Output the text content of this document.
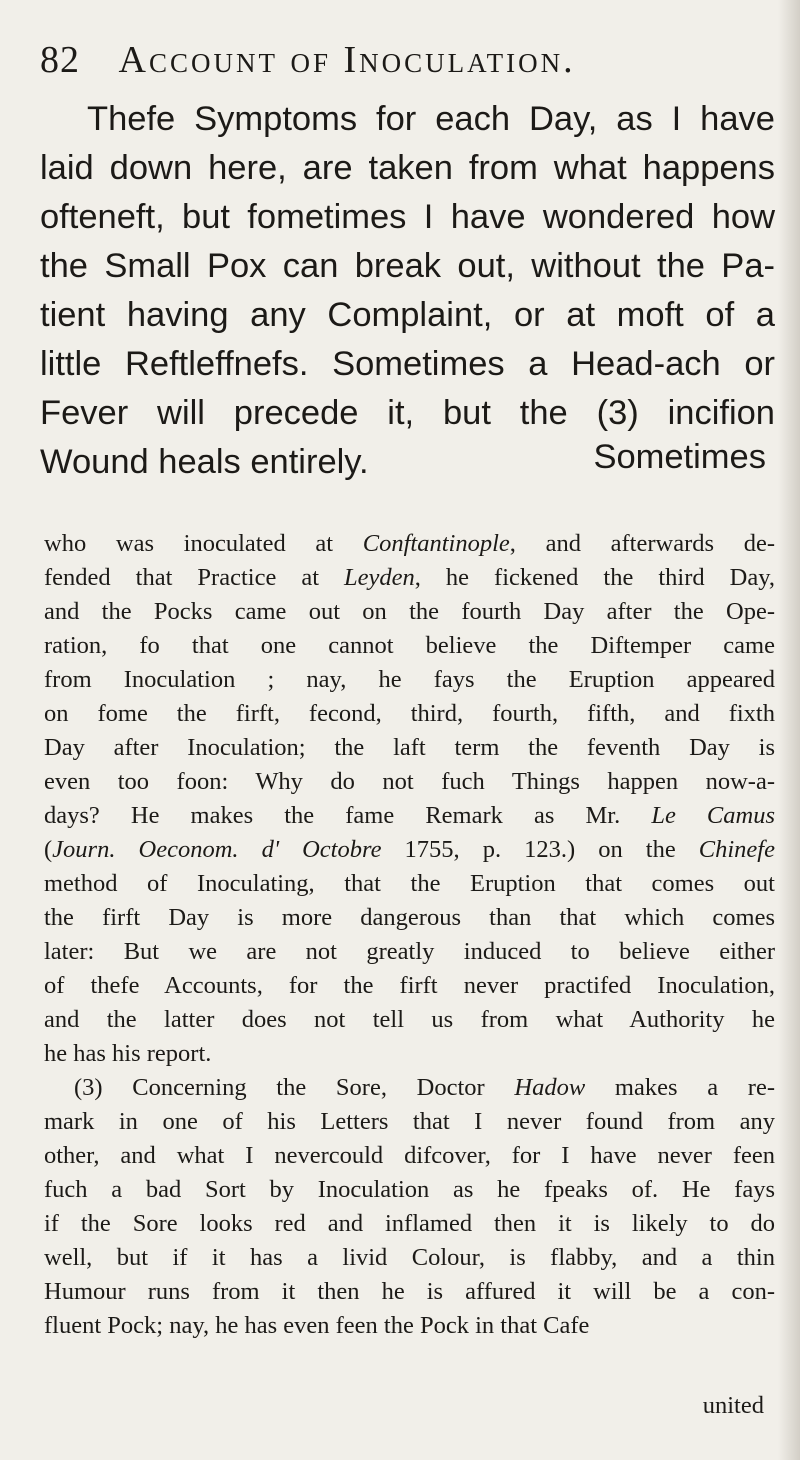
82 Account of Inoculation.
Thefe Symptoms for each Day, as I have
laid down here, are taken from what happens
ofteneft, but fometimes I have wondered how
the Small Pox can break out, without the Pa-
tient having any Complaint, or at moft of a
little Reftleffnefs. Sometimes a Head-ach or
Fever will precede it, but the (3) incifion
Wound heals entirely.	Sometimes
who was inoculated at Conftantinople, and afterwards de-
fended that Practice at Leyden, he fickened the third Day,
and the Pocks came out on the fourth Day after the Ope-
ration, fo that one cannot believe the Diftemper came
from Inoculation ; nay, he fays the Eruption appeared
on fome the firft, fecond, third, fourth, fifth, and fixth
Day after Inoculation; the laft term the feventh Day is
even too foon: Why do not fuch Things happen now-a-
days? He makes the fame Remark as Mr. Le Camus
(Journ. Oeconom. d' Octobre 1755, p. 123.) on the Chinefe
method of Inoculating, that the Eruption that comes out
the firft Day is more dangerous than that which comes
later: But we are not greatly induced to believe either
of thefe Accounts, for the firft never practifed Inoculation,
and the latter does not tell us from what Authority he
he has his report.
(3) Concerning the Sore, Doctor Hadow makes a re-
mark in one of his Letters that I never found from any
other, and what I nevercould difcover, for I have never feen
fuch a bad Sort by Inoculation as he fpeaks of. He fays
if the Sore looks red and inflamed then it is likely to do
well, but if it has a livid Colour, is flabby, and a thin
Humour runs from it then he is affured it will be a con-
fluent Pock; nay, he has even feen the Pock in that Cafe
united
